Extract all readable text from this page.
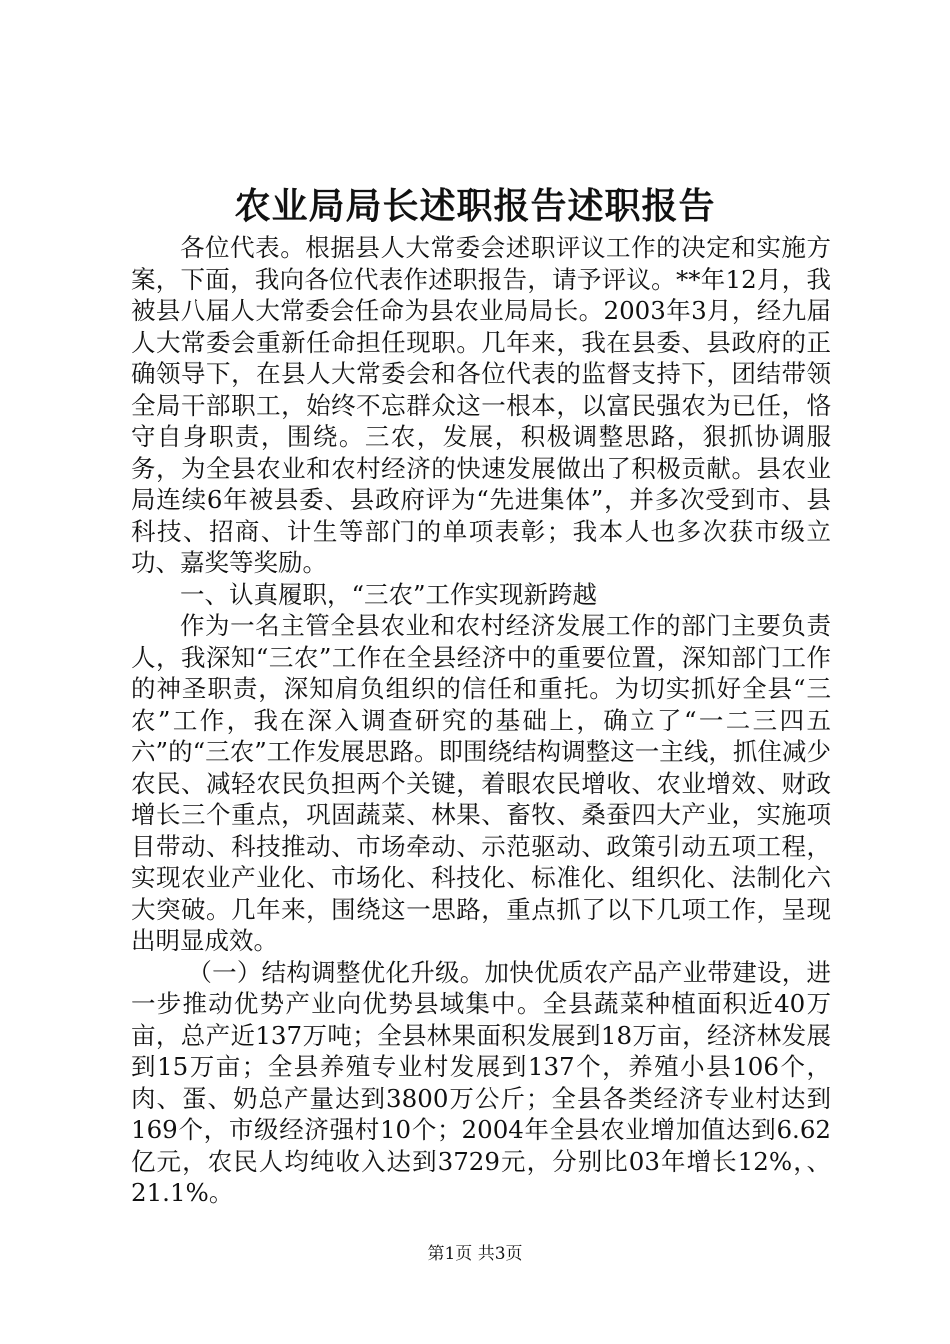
农业局局长述职报告述职报告

各位代表。根据县人大常委会述职评议工作的决定和实施方案，下面，我向各位代表作述职报告，请予评议。**年12月，我被县八届人大常委会任命为县农业局局长。2003年3月，经九届人大常委会重新任命担任现职。几年来，我在县委、县政府的正确领导下，在县人大常委会和各位代表的监督支持下，团结带领全局干部职工，始终不忘群众这一根本，以富民强农为已任，恪守自身职责，围绕。三农，发展，积极调整思路，狠抓协调服务，为全县农业和农村经济的快速发展做出了积极贡献。县农业局连续6年被县委、县政府评为“先进集体”，并多次受到市、县科技、招商、计生等部门的单项表彰；我本人也多次获市级立功、嘉奖等奖励。

一、认真履职，“三农”工作实现新跨越

作为一名主管全县农业和农村经济发展工作的部门主要负责人，我深知“三农”工作在全县经济中的重要位置，深知部门工作的神圣职责，深知肩负组织的信任和重托。为切实抓好全县“三农”工作，我在深入调查研究的基础上，确立了“一二三四五六”的“三农”工作发展思路。即围绕结构调整这一主线，抓住减少农民、减轻农民负担两个关键，着眼农民增收、农业增效、财政增长三个重点，巩固蔬菜、林果、畜牧、桑蚕四大产业，实施项目带动、科技推动、市场牵动、示范驱动、政策引动五项工程，实现农业产业化、市场化、科技化、标准化、组织化、法制化六大突破。几年来，围绕这一思路，重点抓了以下几项工作，呈现出明显成效。

（一）结构调整优化升级。加快优质农产品产业带建设，进一步推动优势产业向优势县域集中。全县蔬菜种植面积近40万亩，总产近137万吨；全县林果面积发展到18万亩，经济林发展到15万亩；全县养殖专业村发展到137个，养殖小县106个，肉、蛋、奶总产量达到3800万公斤；全县各类经济专业村达到169个，市级经济强村10个；2004年全县农业增加值达到6.62亿元，农民人均纯收入达到3729元，分别比03年增长12%，、21.1%。

第1页 共3页
